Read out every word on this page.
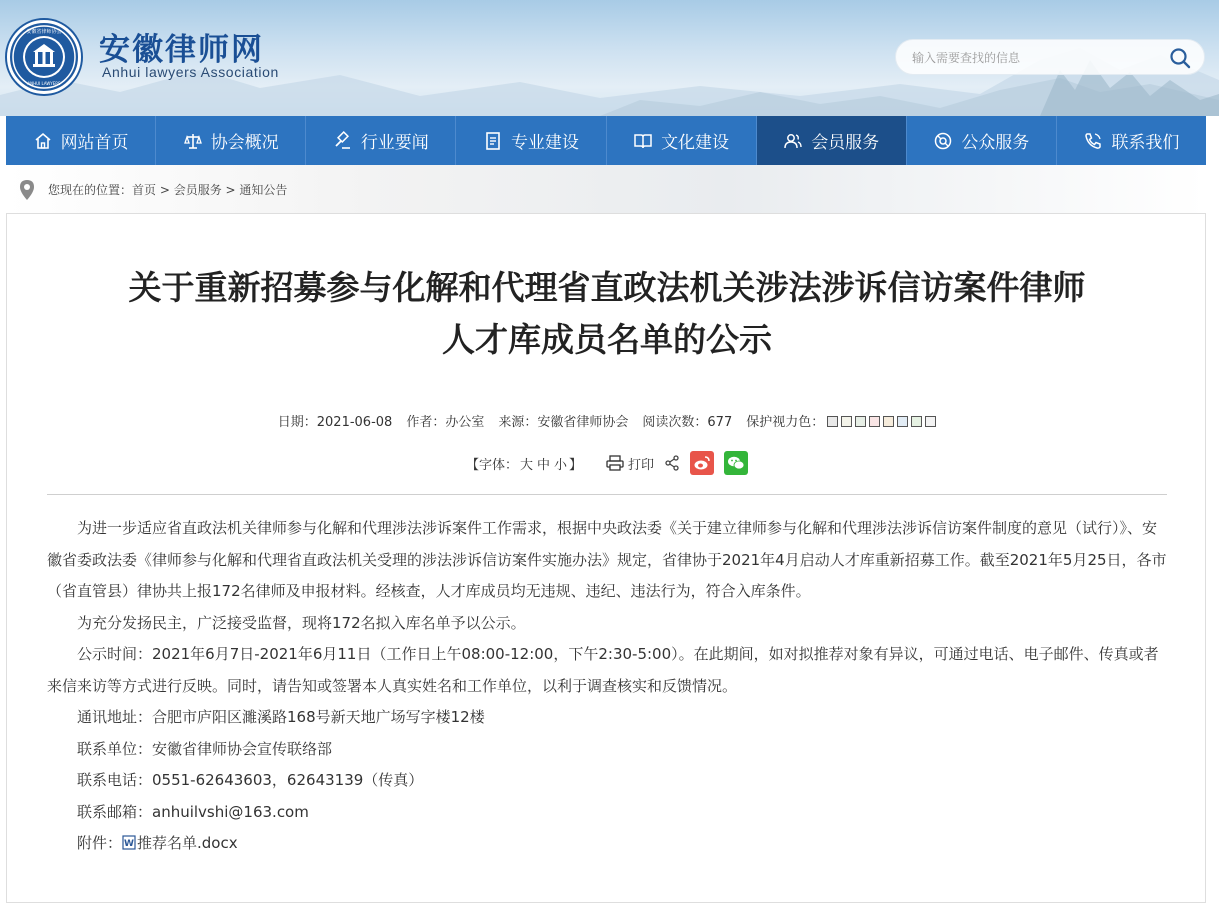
安徽省律师协会
ANHUI LAWYERS
安徽律师网
Anhui lawyers Association
输入需要查找的信息
网站首页	协会概况	行业要闻	专业建设	文化建设	会员服务	公众服务	联系我们
您现在的位置：首页 > 会员服务 > 通知公告
关于重新招募参与化解和代理省直政法机关涉法涉诉信访案件律师
人才库成员名单的公示
日期：2021-06-08 作者：办公室 来源：安徽省律师协会 阅读次数：677 保护视力色：
【字体： 大 中 小 】	打印

为进一步适应省直政法机关律师参与化解和代理涉法涉诉案件工作需求，根据中央政法委《关于建立律师参与化解和代理涉法涉诉信访案件制度的意见（试行）》、安徽省委政法委《律师参与化解和代理省直政法机关受理的涉法涉诉信访案件实施办法》规定，省律协于2021年4月启动人才库重新招募工作。截至2021年5月25日，各市（省直管县）律协共上报172名律师及申报材料。经核查，人才库成员均无违规、违纪、违法行为，符合入库条件。

为充分发扬民主，广泛接受监督，现将172名拟入库名单予以公示。

公示时间：2021年6月7日-2021年6月11日（工作日上午08:00-12:00，下午2:30-5:00）。在此期间，如对拟推荐对象有异议，可通过电话、电子邮件、传真或者来信来访等方式进行反映。同时，请告知或签署本人真实姓名和工作单位，以利于调查核实和反馈情况。

通讯地址：合肥市庐阳区濉溪路168号新天地广场写字楼12楼

联系单位：安徽省律师协会宣传联络部

联系电话：0551-62643603，62643139（传真）

联系邮箱：anhuilvshi@163.com

附件： W 推荐名单.docx
